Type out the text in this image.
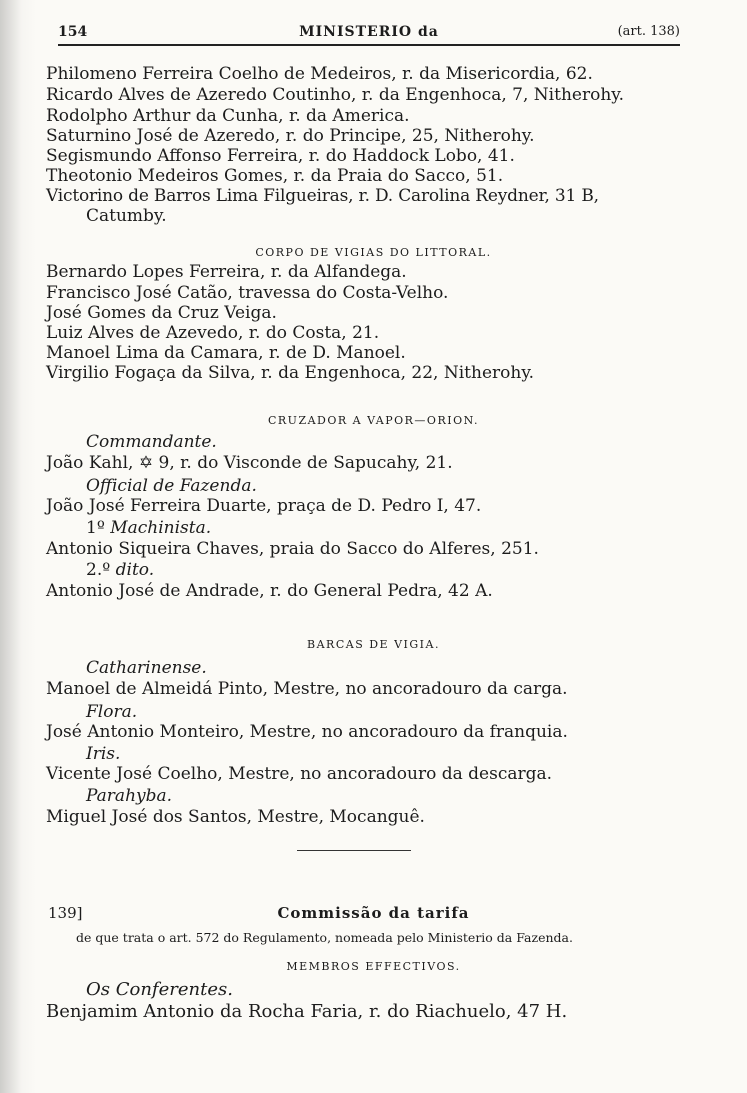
154	MINISTERIO da	(art. 138)
Philomeno Ferreira Coelho de Medeiros, r. da Misericordia, 62.
Ricardo Alves de Azeredo Coutinho, r. da Engenhoca, 7, Nitherohy.
Rodolpho Arthur da Cunha, r. da America.
Saturnino José de Azeredo, r. do Principe, 25, Nitherohy.
Segismundo Affonso Ferreira, r. do Haddock Lobo, 41.
Theotonio Medeiros Gomes, r. da Praia do Sacco, 51.
Victorino de Barros Lima Filgueiras, r. D. Carolina Reydner, 31 B,
Catumby.
CORPO DE VIGIAS DO LITTORAL.
Bernardo Lopes Ferreira, r. da Alfandega.
Francisco José Catão, travessa do Costa-Velho.
José Gomes da Cruz Veiga.
Luiz Alves de Azevedo, r. do Costa, 21.
Manoel Lima da Camara, r. de D. Manoel.
Virgilio Fogaça da Silva, r. da Engenhoca, 22, Nitherohy.
CRUZADOR A VAPOR—ORION.
Commandante.
João Kahl, ✡ 9, r. do Visconde de Sapucahy, 21.
Official de Fazenda.
João José Ferreira Duarte, praça de D. Pedro I, 47.
1º Machinista.
Antonio Siqueira Chaves, praia do Sacco do Alferes, 251.
2.º dito.
Antonio José de Andrade, r. do General Pedra, 42 A.
BARCAS DE VIGIA.
Catharinense.
Manoel de Almeidá Pinto, Mestre, no ancoradouro da carga.
Flora.
José Antonio Monteiro, Mestre, no ancoradouro da franquia.
Iris.
Vicente José Coelho, Mestre, no ancoradouro da descarga.
Parahyba.
Miguel José dos Santos, Mestre, Mocanguê.
139]	Commissão da tarifa
de que trata o art. 572 do Regulamento, nomeada pelo Ministerio da Fazenda.
MEMBROS EFFECTIVOS.
Os Conferentes.
Benjamim Antonio da Rocha Faria, r. do Riachuelo, 47 H.
